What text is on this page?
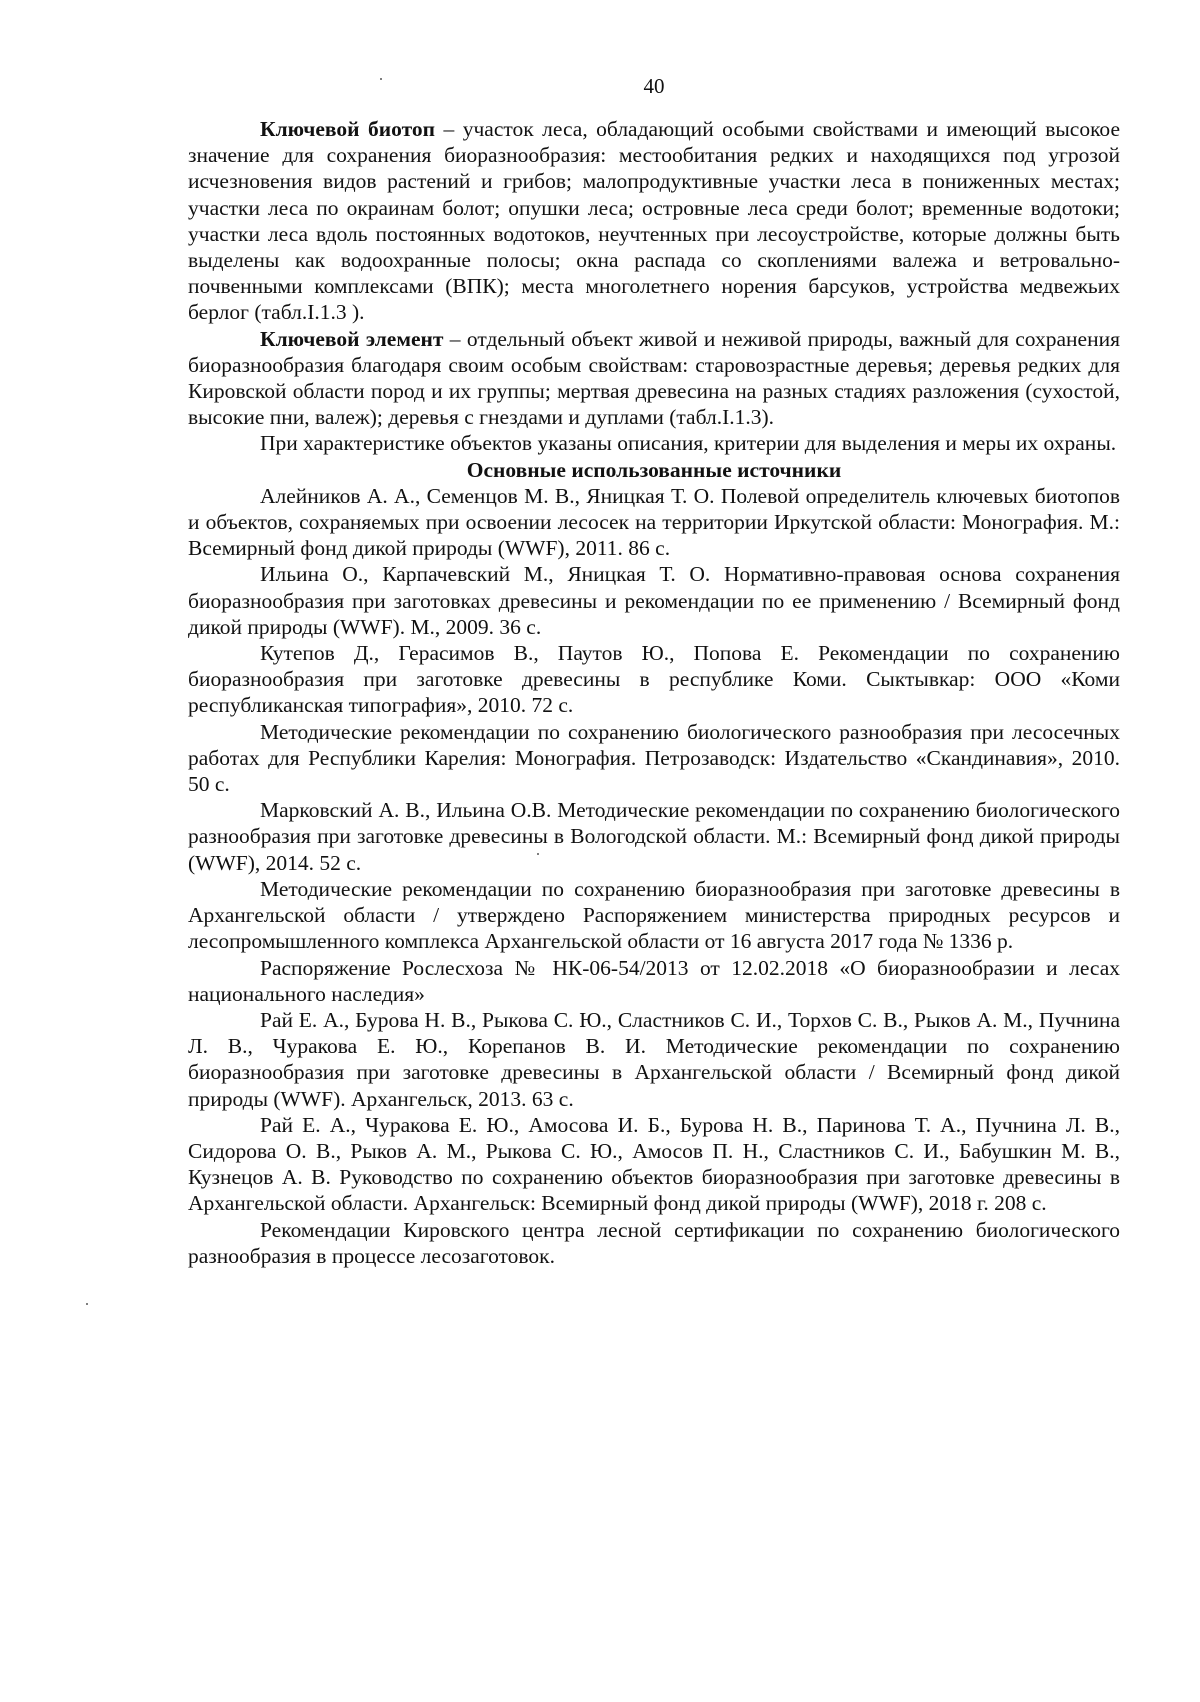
40

Ключевой биотоп – участок леса, обладающий особыми свойствами и имеющий высокое значение для сохранения биоразнообразия: местообитания редких и находящихся под угрозой исчезновения видов растений и грибов; малопродуктивные участки леса в пониженных местах; участки леса по окраинам болот; опушки леса; островные леса среди болот; временные водотоки; участки леса вдоль постоянных водотоков, неучтенных при лесоустройстве, которые должны быть выделены как водоохранные полосы; окна распада со скоплениями валежа и ветровально-почвенными комплексами (ВПК); места многолетнего норения барсуков, устройства медвежьих берлог (табл.I.1.3 ).

Ключевой элемент – отдельный объект живой и неживой природы, важный для сохранения биоразнообразия благодаря своим особым свойствам: старовозрастные деревья; деревья редких для Кировской области пород и их группы; мертвая древесина на разных стадиях разложения (сухостой, высокие пни, валеж); деревья с гнездами и дуплами (табл.I.1.3).

При характеристике объектов указаны описания, критерии для выделения и меры их охраны.

Основные использованные источники

Алейников А. А., Семенцов М. В., Яницкая Т. О. Полевой определитель ключевых биотопов и объектов, сохраняемых при освоении лесосек на территории Иркутской области: Монография. М.: Всемирный фонд дикой природы (WWF), 2011. 86 с.

Ильина О., Карпачевский М., Яницкая Т. О. Нормативно-правовая основа сохранения биоразнообразия при заготовках древесины и рекомендации по ее применению / Всемирный фонд дикой природы (WWF). М., 2009. 36 с.

Кутепов Д., Герасимов В., Паутов Ю., Попова Е. Рекомендации по сохранению биоразнообразия при заготовке древесины в республике Коми. Сыктывкар: ООО «Коми республиканская типография», 2010. 72 с.

Методические рекомендации по сохранению биологического разнообразия при лесосечных работах для Республики Карелия: Монография. Петрозаводск: Издательство «Скандинавия», 2010. 50 с.

Марковский А. В., Ильина О.В. Методические рекомендации по сохранению биологического разнообразия при заготовке древесины в Вологодской области. М.: Всемирный фонд дикой природы (WWF), 2014. 52 с.

Методические рекомендации по сохранению биоразнообразия при заготовке древесины в Архангельской области / утверждено Распоряжением министерства природных ресурсов и лесопромышленного комплекса Архангельской области от 16 августа 2017 года № 1336 р.

Распоряжение Рослесхоза № НК-06-54/2013 от 12.02.2018 «О биоразнообразии и лесах национального наследия»

Рай Е. А., Бурова Н. В., Рыкова С. Ю., Сластников С. И., Торхов С. В., Рыков А. М., Пучнина Л. В., Чуракова Е. Ю., Корепанов В. И. Методические рекомендации по сохранению биоразнообразия при заготовке древесины в Архангельской области / Всемирный фонд дикой природы (WWF). Архангельск, 2013. 63 с.

Рай Е. А., Чуракова Е. Ю., Амосова И. Б., Бурова Н. В., Паринова Т. А., Пучнина Л. В., Сидорова О. В., Рыков А. М., Рыкова С. Ю., Амосов П. Н., Сластников С. И., Бабушкин М. В., Кузнецов А. В. Руководство по сохранению объектов биоразнообразия при заготовке древесины в Архангельской области. Архангельск: Всемирный фонд дикой природы (WWF), 2018 г. 208 с.

Рекомендации Кировского центра лесной сертификации по сохранению биологического разнообразия в процессе лесозаготовок.
